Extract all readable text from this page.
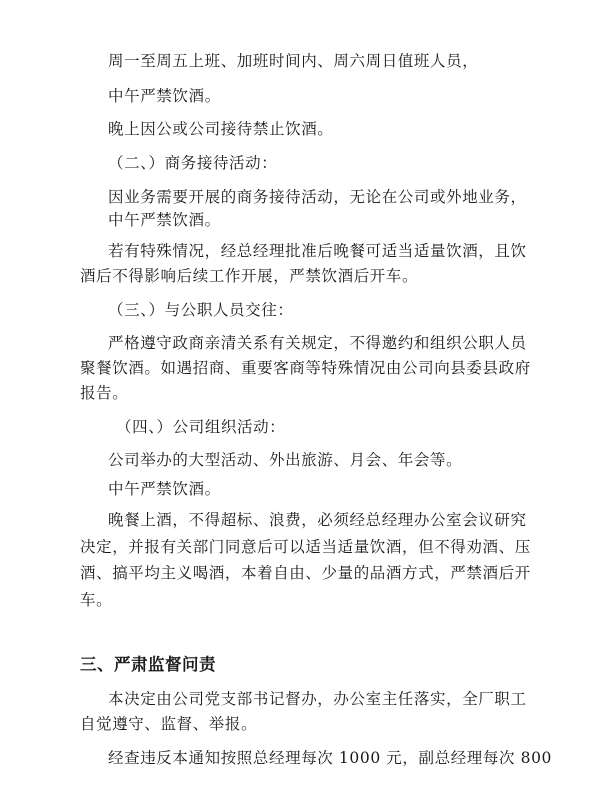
周一至周五上班、加班时间内、周六周日值班人员，
中午严禁饮酒。
晚上因公或公司接待禁止饮酒。
（二、）商务接待活动：
因业务需要开展的商务接待活动，无论在公司或外地业务，
中午严禁饮酒。
若有特殊情况，经总经理批准后晚餐可适当适量饮酒，且饮
酒后不得影响后续工作开展，严禁饮酒后开车。
（三、）与公职人员交往：
严格遵守政商亲清关系有关规定，不得邀约和组织公职人员
聚餐饮酒。如遇招商、重要客商等特殊情况由公司向县委县政府
报告。
（四、）公司组织活动：
公司举办的大型活动、外出旅游、月会、年会等。
中午严禁饮酒。
晚餐上酒，不得超标、浪费，必须经总经理办公室会议研究
决定，并报有关部门同意后可以适当适量饮酒，但不得劝酒、压
酒、搞平均主义喝酒，本着自由、少量的品酒方式，严禁酒后开
车。
三、严肃监督问责
本决定由公司党支部书记督办，办公室主任落实，全厂职工
自觉遵守、监督、举报。
经查违反本通知按照总经理每次 1000 元，副总经理每次 800
